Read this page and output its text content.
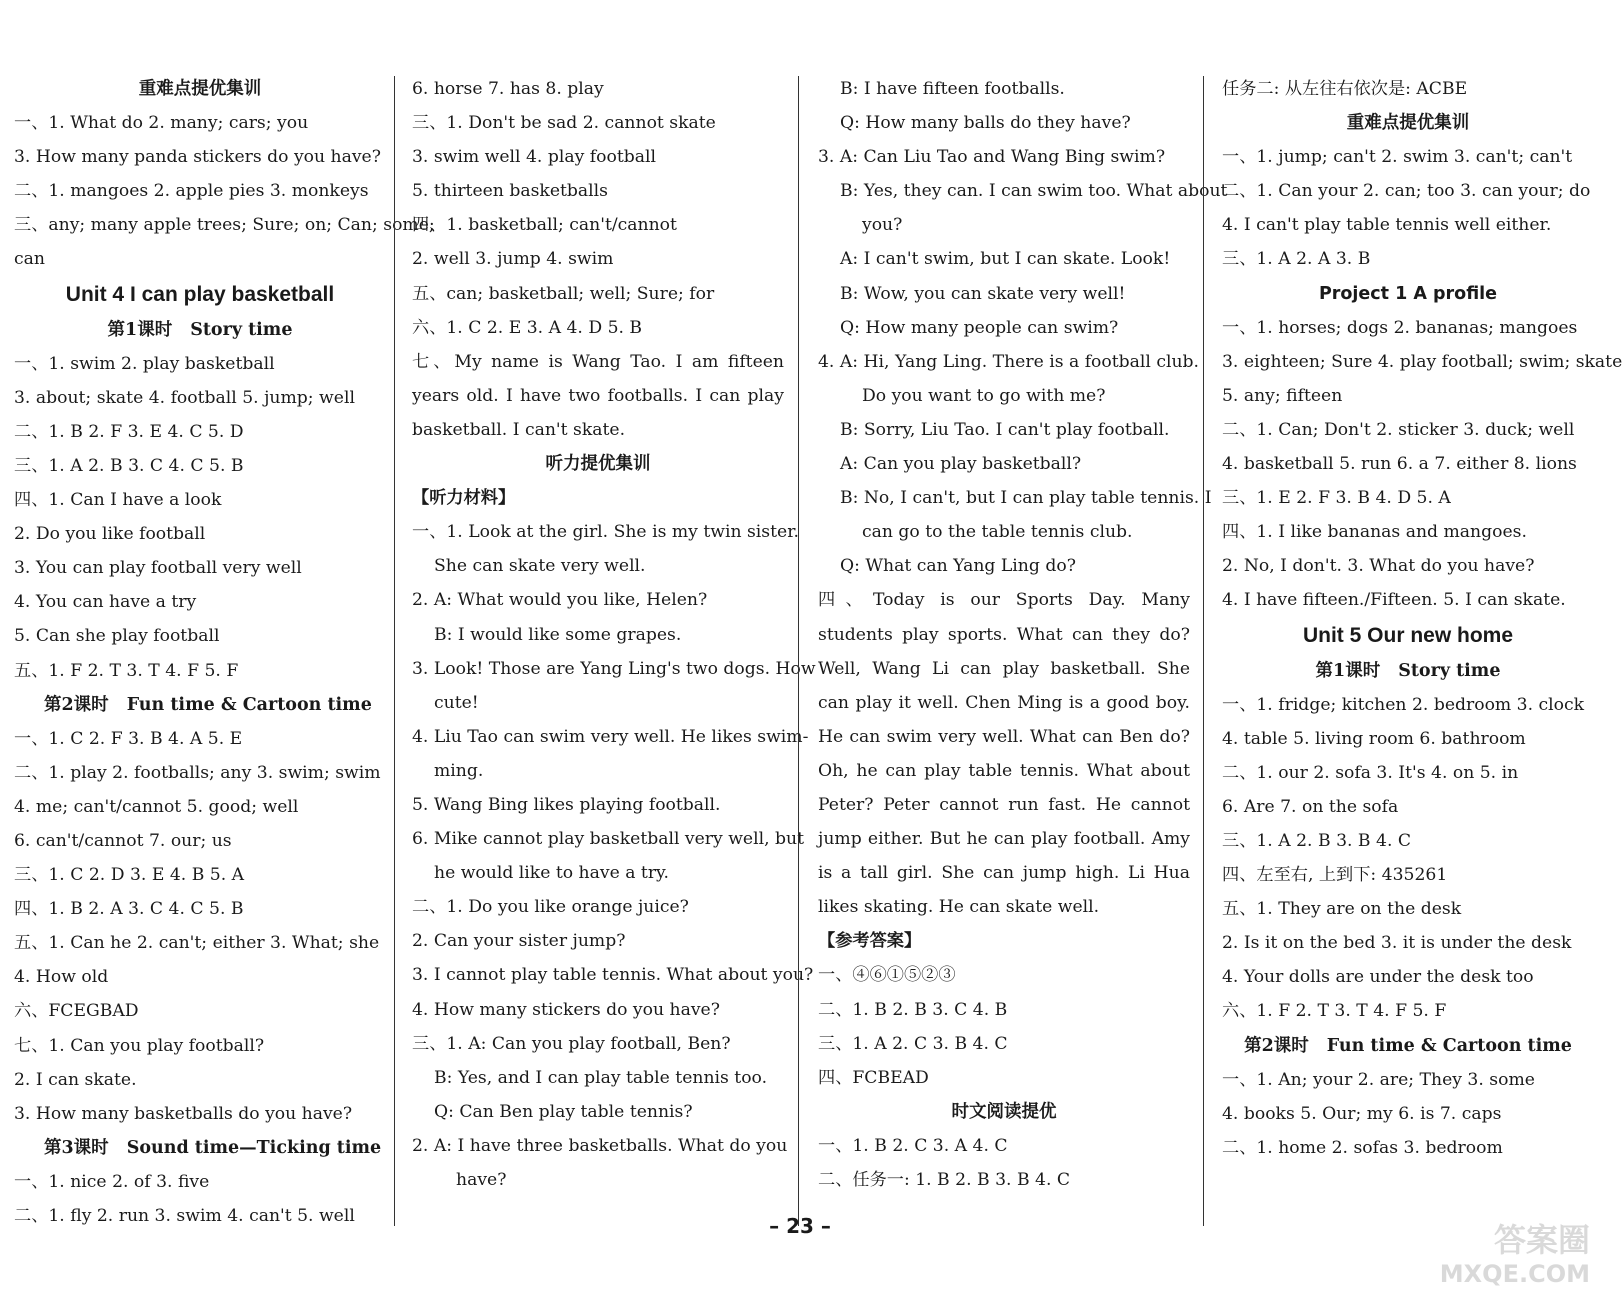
重难点提优集训
一、1. What do 2. many; cars; you
3. How many panda stickers do you have?
二、1. mangoes 2. apple pies 3. monkeys
三、any; many apple trees; Sure; on; Can; some;
can
Unit 4 I can play basketball
第1课时 Story time
一、1. swim 2. play basketball
3. about; skate 4. football 5. jump; well
二、1. B 2. F 3. E 4. C 5. D
三、1. A 2. B 3. C 4. C 5. B
四、1. Can I have a look
2. Do you like football
3. You can play football very well
4. You can have a try
5. Can she play football
五、1. F 2. T 3. T 4. F 5. F
第2课时 Fun time & Cartoon time
一、1. C 2. F 3. B 4. A 5. E
二、1. play 2. footballs; any 3. swim; swim
4. me; can't/cannot 5. good; well
6. can't/cannot 7. our; us
三、1. C 2. D 3. E 4. B 5. A
四、1. B 2. A 3. C 4. C 5. B
五、1. Can he 2. can't; either 3. What; she
4. How old
六、FCEGBAD
七、1. Can you play football?
2. I can skate.
3. How many basketballs do you have?
第3课时 Sound time—Ticking time
一、1. nice 2. of 3. five
二、1. fly 2. run 3. swim 4. can't 5. well
6. horse 7. has 8. play
三、1. Don't be sad 2. cannot skate
3. swim well 4. play football
5. thirteen basketballs
四、1. basketball; can't/cannot
2. well 3. jump 4. swim
五、can; basketball; well; Sure; for
六、1. C 2. E 3. A 4. D 5. B
七、My name is Wang Tao. I am fifteen years old. I have two footballs. I can play basketball. I can't skate.
听力提优集训
【听力材料】
一、1. Look at the girl. She is my twin sister.
She can skate very well.
2. A: What would you like, Helen?
B: I would like some grapes.
3. Look! Those are Yang Ling's two dogs. How
cute!
4. Liu Tao can swim very well. He likes swim-
ming.
5. Wang Bing likes playing football.
6. Mike cannot play basketball very well, but
he would like to have a try.
二、1. Do you like orange juice?
2. Can your sister jump?
3. I cannot play table tennis. What about you?
4. How many stickers do you have?
三、1. A: Can you play football, Ben?
B: Yes, and I can play table tennis too.
Q: Can Ben play table tennis?
2. A: I have three basketballs. What do you
have?
B: I have fifteen footballs.
Q: How many balls do they have?
3. A: Can Liu Tao and Wang Bing swim?
B: Yes, they can. I can swim too. What about
you?
A: I can't swim, but I can skate. Look!
B: Wow, you can skate very well!
Q: How many people can swim?
4. A: Hi, Yang Ling. There is a football club.
Do you want to go with me?
B: Sorry, Liu Tao. I can't play football.
A: Can you play basketball?
B: No, I can't, but I can play table tennis. I
can go to the table tennis club.
Q: What can Yang Ling do?
四、Today is our Sports Day. Many students play sports. What can they do? Well, Wang Li can play basketball. She can play it well. Chen Ming is a good boy. He can swim very well. What can Ben do? Oh, he can play table tennis. What about Peter? Peter cannot run fast. He cannot jump either. But he can play football. Amy is a tall girl. She can jump high. Li Hua likes skating. He can skate well.
【参考答案】
一、④⑥①⑤②③
二、1. B 2. B 3. C 4. B
三、1. A 2. C 3. B 4. C
四、FCBEAD
时文阅读提优
一、1. B 2. C 3. A 4. C
二、任务一: 1. B 2. B 3. B 4. C
任务二: 从左往右依次是: ACBE
重难点提优集训
一、1. jump; can't 2. swim 3. can't; can't
二、1. Can your 2. can; too 3. can your; do
4. I can't play table tennis well either.
三、1. A 2. A 3. B
Project 1 A profile
一、1. horses; dogs 2. bananas; mangoes
3. eighteen; Sure 4. play football; swim; skate
5. any; fifteen
二、1. Can; Don't 2. sticker 3. duck; well
4. basketball 5. run 6. a 7. either 8. lions
三、1. E 2. F 3. B 4. D 5. A
四、1. I like bananas and mangoes.
2. No, I don't. 3. What do you have?
4. I have fifteen./Fifteen. 5. I can skate.
Unit 5 Our new home
第1课时 Story time
一、1. fridge; kitchen 2. bedroom 3. clock
4. table 5. living room 6. bathroom
二、1. our 2. sofa 3. It's 4. on 5. in
6. Are 7. on the sofa
三、1. A 2. B 3. B 4. C
四、左至右, 上到下: 435261
五、1. They are on the desk
2. Is it on the bed 3. it is under the desk
4. Your dolls are under the desk too
六、1. F 2. T 3. T 4. F 5. F
第2课时 Fun time & Cartoon time
一、1. An; your 2. are; They 3. some
4. books 5. Our; my 6. is 7. caps
二、1. home 2. sofas 3. bedroom
– 23 –	答案圈
MXQE.COM
